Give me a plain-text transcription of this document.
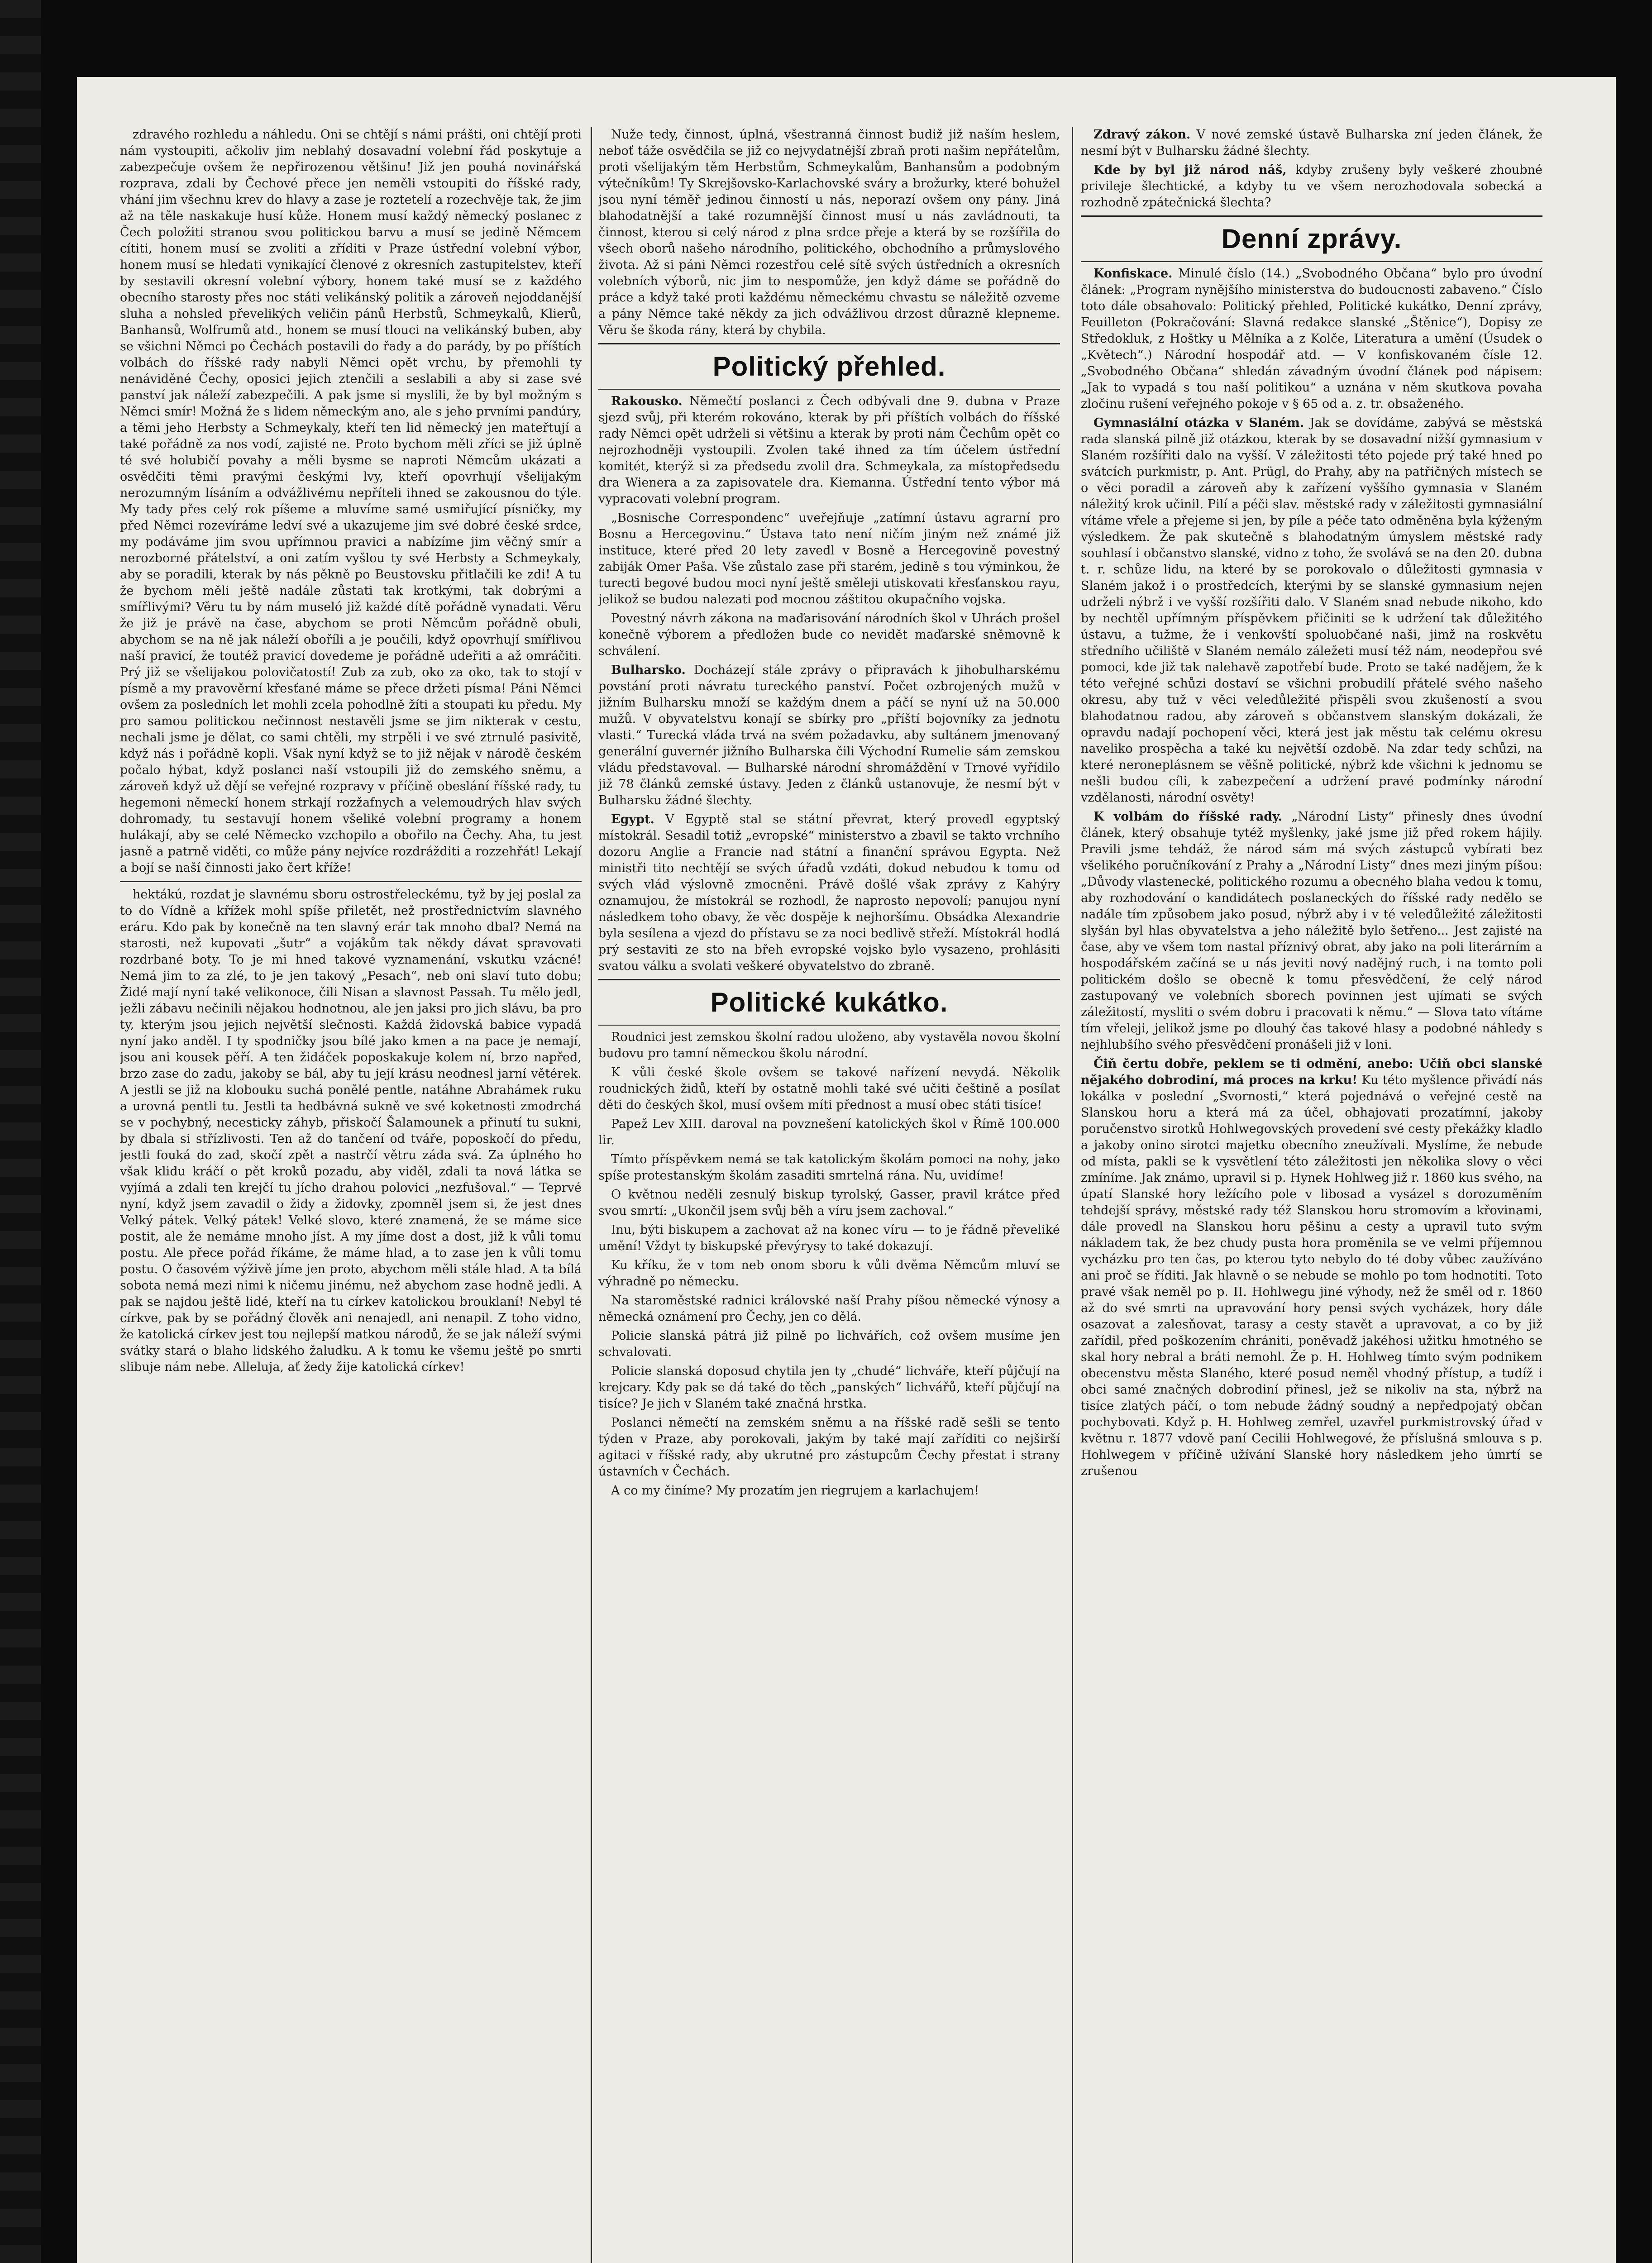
zdravého rozhledu a náhledu. Oni se chtějí s námi prášti, oni chtějí proti nám vystoupiti, ačkoliv jim neblahý dosavadní volební řád poskytuje a zabezpečuje ovšem že nepřirozenou většinu! Již jen pouhá novinářská rozprava, zdali by Čechové přece jen neměli vstoupiti do říšské rady, vhání jim všechnu krev do hlavy a zase je roztetelí a rozechvěje tak, že jim až na těle naskakuje husí kůže. Honem musí každý německý poslanec z Čech položiti stranou svou politickou barvu a musí se jedině Němcem cítiti, honem musí se zvoliti a zříditi v Praze ústřední volební výbor, honem musí se hledati vynikající členové z okresních zastupitelstev, kteří by sestavili okresní volební výbory, honem také musí se z každého obecního starosty přes noc státi velikánský politik a zároveň nejoddanější sluha a nohsled převelikých veličin pánů Herbstů, Schmeykalů, Klierů, Banhansů, Wolfrumů atd., honem se musí tlouci na velikánský buben, aby se všichni Němci po Čechách postavili do řady a do parády, by po příštích volbách do říšské rady nabyli Němci opět vrchu, by přemohli ty nenáviděné Čechy, oposici jejich ztenčili a seslabili a aby si zase své panství jak náleží zabezpečili. A pak jsme si myslili, že by byl možným s Němci smír! Možná že s lidem německým ano, ale s jeho prvními pandúry, a těmi jeho Herbsty a Schmeykaly, kteří ten lid německý jen mateřtují a také pořádně za nos vodí, zajisté ne. Proto bychom měli zříci se již úplně té své holubičí povahy a měli bysme se naproti Němcům ukázati a osvědčiti těmi pravými českými lvy, kteří opovrhují všelijakým nerozumným lísáním a odvážlivému nepříteli ihned se zakousnou do týle. My tady přes celý rok píšeme a mluvíme samé usmiřující písničky, my před Němci rozevíráme ledví své a ukazujeme jim své dobré české srdce, my podáváme jim svou upřímnou pravici a nabízíme jim věčný smír a nerozborné přátelství, a oni zatím vyšlou ty své Herbsty a Schmeykaly, aby se poradili, kterak by nás pěkně po Beustovsku přitlačili ke zdi! A tu že bychom měli ještě nadále zůstati tak krotkými, tak dobrými a smířlivými? Věru tu by nám museló již každé dítě pořádně vynadati. Věru že již je právě na čase, abychom se proti Němcům pořádně obuli, abychom se na ně jak náleží oboříli a je poučili, když opovrhují smířlivou naší pravicí, že toutéž pravicí dovedeme je pořádně udeřiti a až omráčiti. Prý již se všelijakou polovičatostí! Zub za zub, oko za oko, tak to stojí v písmě a my pravověrní křesťané máme se přece držeti písma! Páni Němci ovšem za posledních let mohli zcela pohodlně žíti a stoupati ku předu. My pro samou politickou nečinnost nestavěli jsme se jim nikterak v cestu, nechali jsme je dělat, co sami chtěli, my strpěli i ve své ztrnulé pasivitě, když nás i pořádně kopli. Však nyní když se to již nějak v národě českém počalo hýbat, když poslanci naší vstoupili již do zemského sněmu, a zároveň když už dějí se veřejné rozpravy v příčině obeslání říšské rady, tu hegemoni německí honem strkají rozžafnych a velemoudrých hlav svých dohromady, tu sestavují honem všeliké volební programy a honem hulákají, aby se celé Německo vzchopilo a obořilo na Čechy. Aha, tu jest jasně a patrně viděti, co může pány nejvíce rozdrážditi a rozzehřát! Lekají a bojí se naší činnosti jako čert kříže!

hektákú, rozdat je slavnému sboru ostrostřeleckému, tyž by jej poslal za to do Vídně a křížek mohl spíše přiletět, než prostřednictvím slavného eráru. Kdo pak by konečně na ten slavný erár tak mnoho dbal? Nemá na starosti, než kupovati „šutr“ a vojákům tak někdy dávat spravovati rozdrbané boty. To je mi hned takové vyznamenání, vskutku vzácné! Nemá jim to za zlé, to je jen takový „Pesach“, neb oni slaví tuto dobu; Židé mají nyní také velikonoce, čili Nisan a slavnost Passah. Tu mělo jedl, ježli zábavu nečinili nějakou hodnotnou, ale jen jaksi pro jich slávu, ba pro ty, kterým jsou jejich největší slečnosti. Každá židovská babice vypadá nyní jako anděl. I ty spodničky jsou bílé jako kmen a na pace je nemají, jsou ani kousek pěří. A ten židáček poposkakuje kolem ní, brzo napřed, brzo zase do zadu, jakoby se bál, aby tu její krásu neodnesl jarní větérek. A jestli se již na klobouku suchá ponělé pentle, natáhne Abrahámek ruku a urovná pentli tu. Jestli ta hedbávná sukně ve své koketnosti zmodrchá se v pochybný, necesticky záhyb, přiskočí Šalamounek a přinutí tu sukni, by dbala si střízlivosti. Ten až do tančení od tváře, poposkočí do předu, jestli fouká do zad, skočí zpět a nastrčí větru záda svá. Za úplného ho však klidu kráčí o pět kroků pozadu, aby viděl, zdali ta nová látka se vyjímá a zdali ten krejčí tu jícho drahou polovici „nezfušoval.“ — Teprvé nyní, když jsem zavadil o židy a židovky, zpomněl jsem si, že jest dnes Velký pátek. Velký pátek! Velké slovo, které znamená, že se máme sice postit, ale že nemáme mnoho jíst. A my jíme dost a dost, již k vůli tomu postu. Ale přece pořád říkáme, že máme hlad, a to zase jen k vůli tomu postu. O časovém výživě jíme jen proto, abychom měli stále hlad. A ta bílá sobota nemá mezi nimi k ničemu jinému, než abychom zase hodně jedli. A pak se najdou ještě lidé, kteří na tu církev katolickou brouklaní! Nebyl té církve, pak by se pořádný člověk ani nenajedl, ani nenapil. Z toho vidno, že katolická církev jest tou nejlepší matkou národů, že se jak náleží svými svátky stará o blaho lidského žaludku. A k tomu ke všemu ještě po smrti slibuje nám nebe. Alleluja, ať žedy žije katolická církev!

Nuže tedy, činnost, úplná, všestranná činnost budiž již naším heslem, neboť táže osvědčila se již co nejvydatnější zbraň proti našim nepřátelům, proti všelijakým těm Herbstům, Schmeykalům, Banhansům a podobným výtečníkům! Ty Skrejšovsko-Karlachovské sváry a brožurky, které bohužel jsou nyní téměř jedinou činností u nás, neporazí ovšem ony pány. Jiná blahodatnější a také rozumnější činnost musí u nás zavládnouti, ta činnost, kterou si celý národ z plna srdce přeje a která by se rozšířila do všech oborů našeho národního, politického, obchodního a průmyslového života. Až si páni Němci rozestřou celé sítě svých ústředních a okresních volebních výborů, nic jim to nespomůže, jen když dáme se pořádně do práce a když také proti každému německému chvastu se náležitě ozveme a pány Němce také někdy za jich odvážlivou drzost důrazně klepneme. Věru še škoda rány, která by chybila.

Politický přehled.

Rakousko. Němečtí poslanci z Čech odbývali dne 9. dubna v Praze sjezd svůj, při kterém rokováno, kterak by při příštích volbách do říšské rady Němci opět udrželi si většinu a kterak by proti nám Čechům opět co nejrozhodněji vystoupili. Zvolen také ihned za tím účelem ústřední komitét, kterýž si za předsedu zvolil dra. Schmeykala, za místopředsedu dra Wienera a za zapisovatele dra. Kiemanna. Ústřední tento výbor má vypracovati volební program.

„Bosnische Correspondenc“ uveřejňuje „zatímní ústavu agrarní pro Bosnu a Hercegovinu.“ Ústava tato není ničím jiným než známé již instituce, které před 20 lety zavedl v Bosně a Hercegovině povestný zabiják Omer Paša. Vše zůstalo zase při starém, jedině s tou výminkou, že turecti begové budou moci nyní ještě směleji utiskovati křesťanskou rayu, jelikož se budou nalezati pod mocnou záštitou okupačního vojska.

Povestný návrh zákona na maďarisování národních škol v Uhrách prošel konečně výborem a předložen bude co nevidět maďarské sněmovně k schválení.

Bulharsko. Docházejí stále zprávy o připravách k jihobulharskému povstání proti návratu tureckého panství. Počet ozbrojených mužů v jižním Bulharsku množí se každým dnem a páčí se nyní už na 50.000 mužů. V obyvatelstvu konají se sbírky pro „příští bojovníky za jednotu vlasti.“ Turecká vláda trvá na svém požadavku, aby sultánem jmenovaný generální guvernér jižního Bulharska čili Východní Rumelie sám zemskou vládu představoval. — Bulharské národní shromáždění v Trnové vyřídilo již 78 článků zemské ústavy. Jeden z článků ustanovuje, že nesmí být v Bulharsku žádné šlechty.

Egypt. V Egyptě stal se státní převrat, který provedl egyptský místokrál. Sesadil totiž „evropské“ ministerstvo a zbavil se takto vrchního dozoru Anglie a Francie nad státní a finanční správou Egypta. Než ministři tito nechtějí se svých úřadů vzdáti, dokud nebudou k tomu od svých vlád výslovně zmocněni. Právě došlé však zprávy z Kahýry oznamujou, že místokrál se rozhodl, že naprosto nepovolí; panujou nyní následkem toho obavy, že věc dospěje k nejhoršímu. Obsádka Alexandrie byla sesílena a vjezd do přístavu se za noci bedlivě střeží. Místokrál hodlá prý sestaviti ze sto na břeh evropské vojsko bylo vysazeno, prohlásiti svatou válku a svolati veškeré obyvatelstvo do zbraně.

Politické kukátko.

Roudnici jest zemskou školní radou uloženo, aby vystavěla novou školní budovu pro tamní německou školu národní.

K vůli české škole ovšem se takové nařízení nevydá. Několik roudnických židů, kteří by ostatně mohli také své učiti češtině a posílat děti do českých škol, musí ovšem míti přednost a musí obec státi tisíce!

Papež Lev XIII. daroval na povznešení katolických škol v Římě 100.000 lir.

Tímto příspěvkem nemá se tak katolickým školám pomoci na nohy, jako spíše protestanským školám zasaditi smrtelná rána. Nu, uvidíme!

O květnou neděli zesnulý biskup tyrolský, Gasser, pravil krátce před svou smrtí: „Ukončil jsem svůj běh a víru jsem zachoval.“

Inu, býti biskupem a zachovat až na konec víru — to je řádně převeliké umění! Vždyt ty biskupské převýrysy to také dokazují.

Ku kříku, že v tom neb onom sboru k vůli dvěma Němcům mluví se výhradně po německu.

Na staroměstské radnici královské naší Prahy píšou německé výnosy a německá oznámení pro Čechy, jen co dělá.

Policie slanská pátrá již pilně po lichvářích, což ovšem musíme jen schvalovati.

Policie slanská doposud chytila jen ty „chudé“ lichváře, kteří půjčují na krejcary. Kdy pak se dá také do těch „panských“ lichvářů, kteří půjčují na tisíce? Je jich v Slaném také značná hrstka.

Poslanci němečtí na zemském sněmu a na říšské radě sešli se tento týden v Praze, aby porokovali, jakým by také mají zaříditi co nejširší agitaci v říšské rady, aby ukrutné pro zástupcům Čechy přestat i strany ústavních v Čechách.

A co my činíme? My prozatím jen riegrujem a karlachujem!

Zdravý zákon. V nové zemské ústavě Bulharska zní jeden článek, že nesmí být v Bulharsku žádné šlechty.

Kde by byl již národ náš, kdyby zrušeny byly veškeré zhoubné privileje šlechtické, a kdyby tu ve všem nerozhodovala sobecká a rozhodně zpátečnická šlechta?

Denní zprávy.

Konfiskace. Minulé číslo (14.) „Svobodného Občana“ bylo pro úvodní článek: „Program nynějšího ministerstva do budoucnosti zabaveno.“ Číslo toto dále obsahovalo: Politický přehled, Politické kukátko, Denní zprávy, Feuilleton (Pokračování: Slavná redakce slanské „Štěnice“), Dopisy ze Středokluk, z Hoštky u Mělníka a z Kolče, Literatura a umění (Úsudek o „Květech“.) Národní hospodář atd. — V konfiskovaném čísle 12. „Svobodného Občana“ shledán závadným úvodní článek pod nápisem: „Jak to vypadá s tou naší politikou“ a uznána v něm skutkova povaha zločinu rušení veřejného pokoje v § 65 od a. z. tr. obsaženého.

Gymnasiální otázka v Slaném. Jak se dovídáme, zabývá se městská rada slanská pilně již otázkou, kterak by se dosavadní nižší gymnasium v Slaném rozšířiti dalo na vyšší. V záležitosti této pojede prý také hned po svátcích purkmistr, p. Ant. Prügl, do Prahy, aby na patřičných místech se o věci poradil a zároveň aby k zařízení vyššího gymnasia v Slaném náležitý krok učinil. Pilí a péči slav. městské rady v záležitosti gymnasiální vítáme vřele a přejeme si jen, by píle a péče tato odměněna byla kýženým výsledkem. Že pak skutečně s blahodatným úmyslem městské rady souhlasí i občanstvo slanské, vidno z toho, že svolává se na den 20. dubna t. r. schůze lidu, na které by se porokovalo o důležitosti gymnasia v Slaném jakož i o prostředcích, kterými by se slanské gymnasium nejen udrželi nýbrž i ve vyšší rozšířiti dalo. V Slaném snad nebude nikoho, kdo by nechtěl upřímným příspěvkem přičiniti se k udržení tak důležitého ústavu, a tužme, že i venkovští spoluobčané naši, jimž na roskvětu středního učiliště v Slaném nemálo záležeti musí též nám, neodepřou své pomoci, kde již tak nalehavě zapotřebí bude. Proto se také nadějem, že k této veřejné schůzi dostaví se všichni probudilí přátelé svého našeho okresu, aby tuž v věci veledůležité přispěli svou zkušeností a svou blahodatnou radou, aby zároveň s občanstvem slanským dokázali, že opravdu nadají pochopení věci, která jest jak městu tak celému okresu naveliko prospěcha a také ku největší ozdobě. Na zdar tedy schůzi, na které neroneplásnem se věšně politické, nýbrž kde všichni k jednomu se nešli budou cíli, k zabezpečení a udržení pravé podmínky národní vzdělanosti, národní osvěty!

K volbám do říšské rady. „Národní Listy“ přinesly dnes úvodní článek, který obsahuje tytéž myšlenky, jaké jsme již před rokem hájily. Pravili jsme tehdáž, že národ sám má svých zástupců vybírati bez všelikého poručníkování z Prahy a „Národní Listy“ dnes mezi jiným píšou: „Důvody vlastenecké, politického rozumu a obecného blaha vedou k tomu, aby rozhodování o kandidátech poslaneckých do říšské rady nedělo se nadále tím způsobem jako posud, nýbrž aby i v té veledůležité záležitosti slyšán byl hlas obyvatelstva a jeho náležitě bylo šetřeno... Jest zajisté na čase, aby ve všem tom nastal příznivý obrat, aby jako na poli literárním a hospodářském začíná se u nás jeviti nový nadějný ruch, i na tomto poli politickém došlo se obecně k tomu přesvědčení, že celý národ zastupovaný ve volebních sborech povinnen jest ujímati se svých záležitostí, mysliti o svém dobru i pracovati k němu.“ — Slova tato vítáme tím vřeleji, jelikož jsme po dlouhý čas takové hlasy a podobné náhledy s nejhlubšího svého přesvědčení pronášeli již v loni.

Čiň čertu dobře, peklem se ti odmění, anebo: Učiň obci slanské nějakého dobrodiní, má proces na krku! Ku této myšlence přivádí nás lokálka v poslední „Svornosti,“ která pojednává o veřejné cestě na Slanskou horu a která má za účel, obhajovati prozatímní, jakoby poručenstvo sirotků Hohlwegovských provedení své cesty překážky kladlo a jakoby onino sirotci majetku obecního zneužívali. Myslíme, že nebude od místa, pakli se k vysvětlení této záležitosti jen několika slovy o věci zmíníme. Jak známo, upravil si p. Hynek Hohlweg již r. 1860 kus svého, na úpatí Slanské hory ležícího pole v libosad a vysázel s dorozuměním tehdejší správy, městské rady též Slanskou horu stromovím a křovinami, dále provedl na Slanskou horu pěšinu a cesty a upravil tuto svým nákladem tak, že bez chudy pusta hora proměnila se ve velmi příjemnou vycházku pro ten čas, po kterou tyto nebylo do té doby vůbec zaužíváno ani proč se říditi. Jak hlavně o se nebude se mohlo po tom hodnotiti. Toto pravé však neměl po p. II. Hohlwegu jiné výhody, než že směl od r. 1860 až do své smrti na upravování hory pensi svých vycházek, hory dále osazovat a zalesňovat, tarasy a cesty stavět a upravovat, a co by již zařídil, před poškozením chrániti, poněvadž jakéhosi užitku hmotného se skal hory nebral a bráti nemohl. Že p. H. Hohlweg tímto svým podnikem obecenstvu města Slaného, které posud neměl vhodný přístup, a tudíž i obci samé značných dobrodiní přinesl, jež se nikoliv na sta, nýbrž na tisíce zlatých páčí, o tom nebude žádný soudný a nepředpojatý občan pochybovati. Když p. H. Hohlweg zemřel, uzavřel purkmistrovský úřad v květnu r. 1877 vdově paní Cecilii Hohlwegové, že příslušná smlouva s p. Hohlwegem v příčině užívání Slanské hory následkem jeho úmrtí se zrušenou
